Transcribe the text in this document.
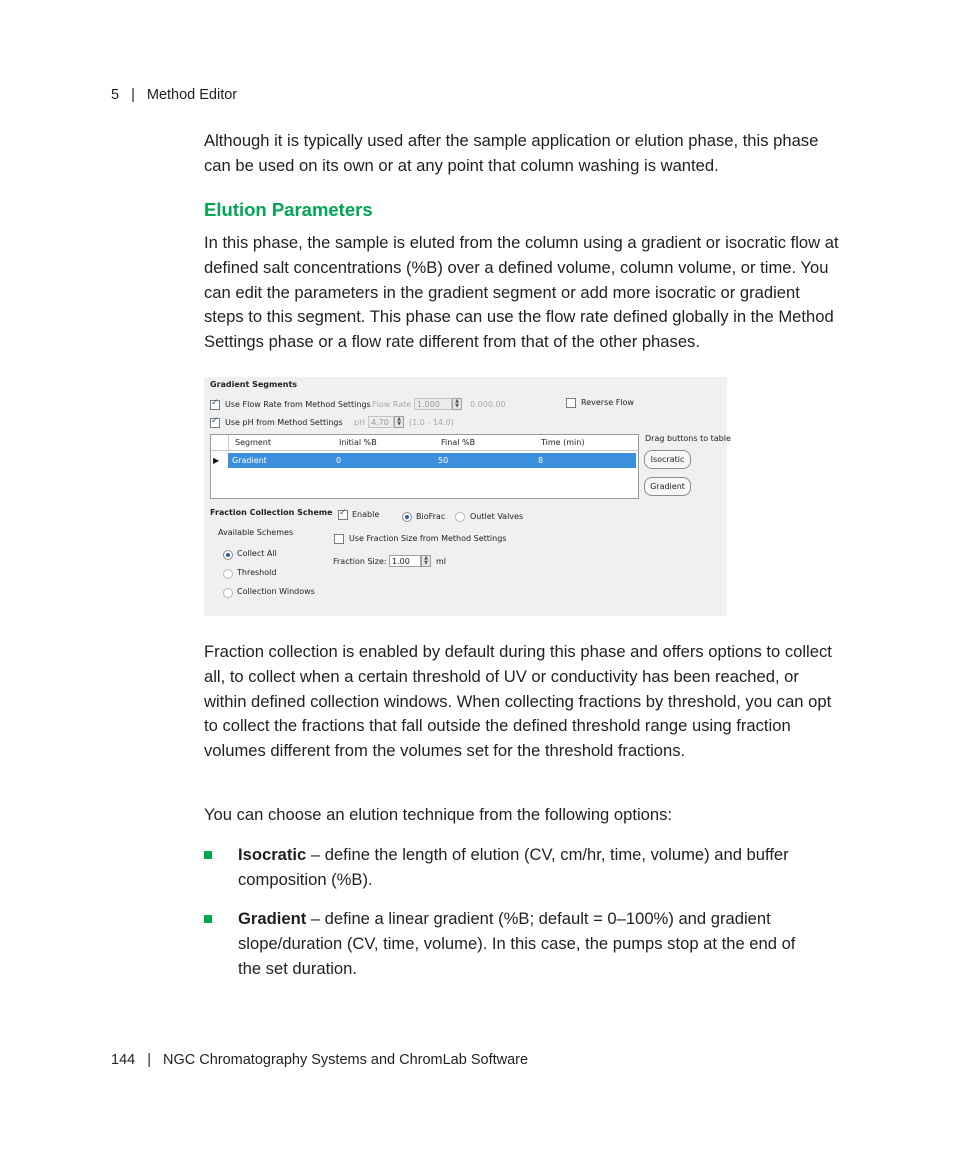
5 | Method Editor

Although it is typically used after the sample application or elution phase, this phase can be used on its own or at any point that column washing is wanted.

Elution Parameters

In this phase, the sample is eluted from the column using a gradient or isocratic flow at defined salt concentrations (%B) over a defined volume, column volume, or time. You can edit the parameters in the gradient segment or add more isocratic or gradient steps to this segment. This phase can use the flow rate defined globally in the Method Settings phase or a flow rate different from that of the other phases.

Gradient Segments
✓
Use Flow Rate from Method Settings Flow Rate 1.000	▲
▼	0.000.00	Reverse Flow
✓
Use pH from Method Settings pH 4.70	▲
▼	(1.0 - 14.0)
Segment	Initial %B	Final %B	Time (min)
▶ Gradient	0	50	8
Drag buttons to table
Isocratic
Gradient
Fraction Collection Scheme
✓ Enable	BioFrac	Outlet Valves
Available Schemes
Collect All
Threshold
Collection Windows
Use Fraction Size from Method Settings
Fraction Size: 1.00	▲
▼	ml

Fraction collection is enabled by default during this phase and offers options to collect all, to collect when a certain threshold of UV or conductivity has been reached, or within defined collection windows. When collecting fractions by threshold, you can opt to collect the fractions that fall outside the defined threshold range using fraction volumes different from the volumes set for the threshold fractions.

You can choose an elution technique from the following options:

Isocratic – define the length of elution (CV, cm/hr, time, volume) and buffer composition (%B).
Gradient – define a linear gradient (%B; default = 0–100%) and gradient slope/duration (CV, time, volume). In this case, the pumps stop at the end of the set duration.
144 | NGC Chromatography Systems and ChromLab Software
